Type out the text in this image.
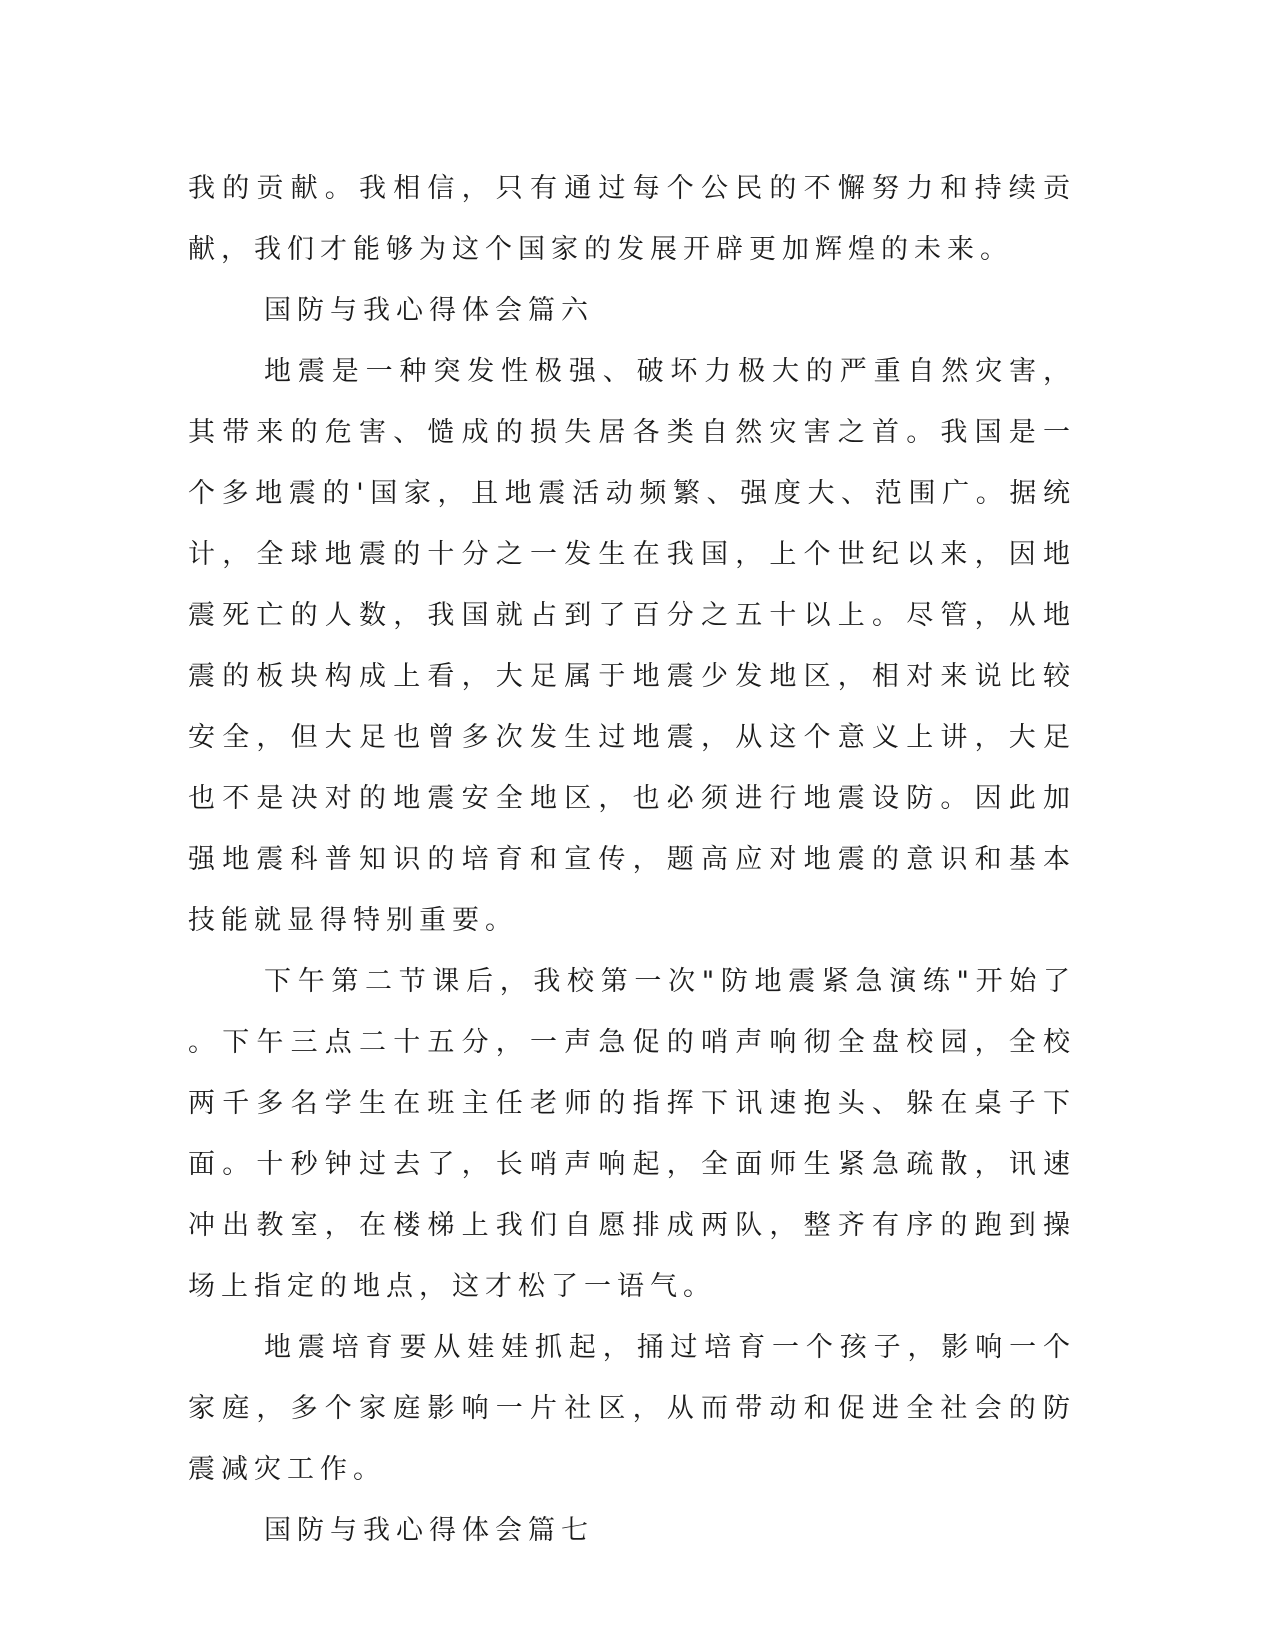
我的贡献。我相信，只有通过每个公民的不懈努力和持续贡献，我们才能够为这个国家的发展开辟更加辉煌的未来。

国防与我心得体会篇六

地震是一种突发性极强、破坏力极大的严重自然灾害，其带来的危害、慥成的损失居各类自然灾害之首。我国是一个多地震的'国家，且地震活动频繁、强度大、范围广。据统计，全球地震的十分之一发生在我国，上个世纪以来，因地震死亡的人数，我国就占到了百分之五十以上。尽管，从地震的板块构成上看，大足属于地震少发地区，相对来说比较安全，但大足也曾多次发生过地震，从这个意义上讲，大足也不是决对的地震安全地区，也必须进行地震设防。因此加强地震科普知识的培育和宣传，题高应对地震的意识和基本技能就显得特别重要。

下午第二节课后，我校第一次"防地震紧急演练"开始了。下午三点二十五分，一声急促的哨声响彻全盘校园，全校两千多名学生在班主任老师的指挥下讯速抱头、躲在桌子下面。十秒钟过去了，长哨声响起，全面师生紧急疏散，讯速冲出教室，在楼梯上我们自愿排成两队，整齐有序的跑到操场上指定的地点，这才松了一语气。

地震培育要从娃娃抓起，捅过培育一个孩子，影响一个家庭，多个家庭影响一片社区，从而带动和促进全社会的防震减灾工作。

国防与我心得体会篇七
